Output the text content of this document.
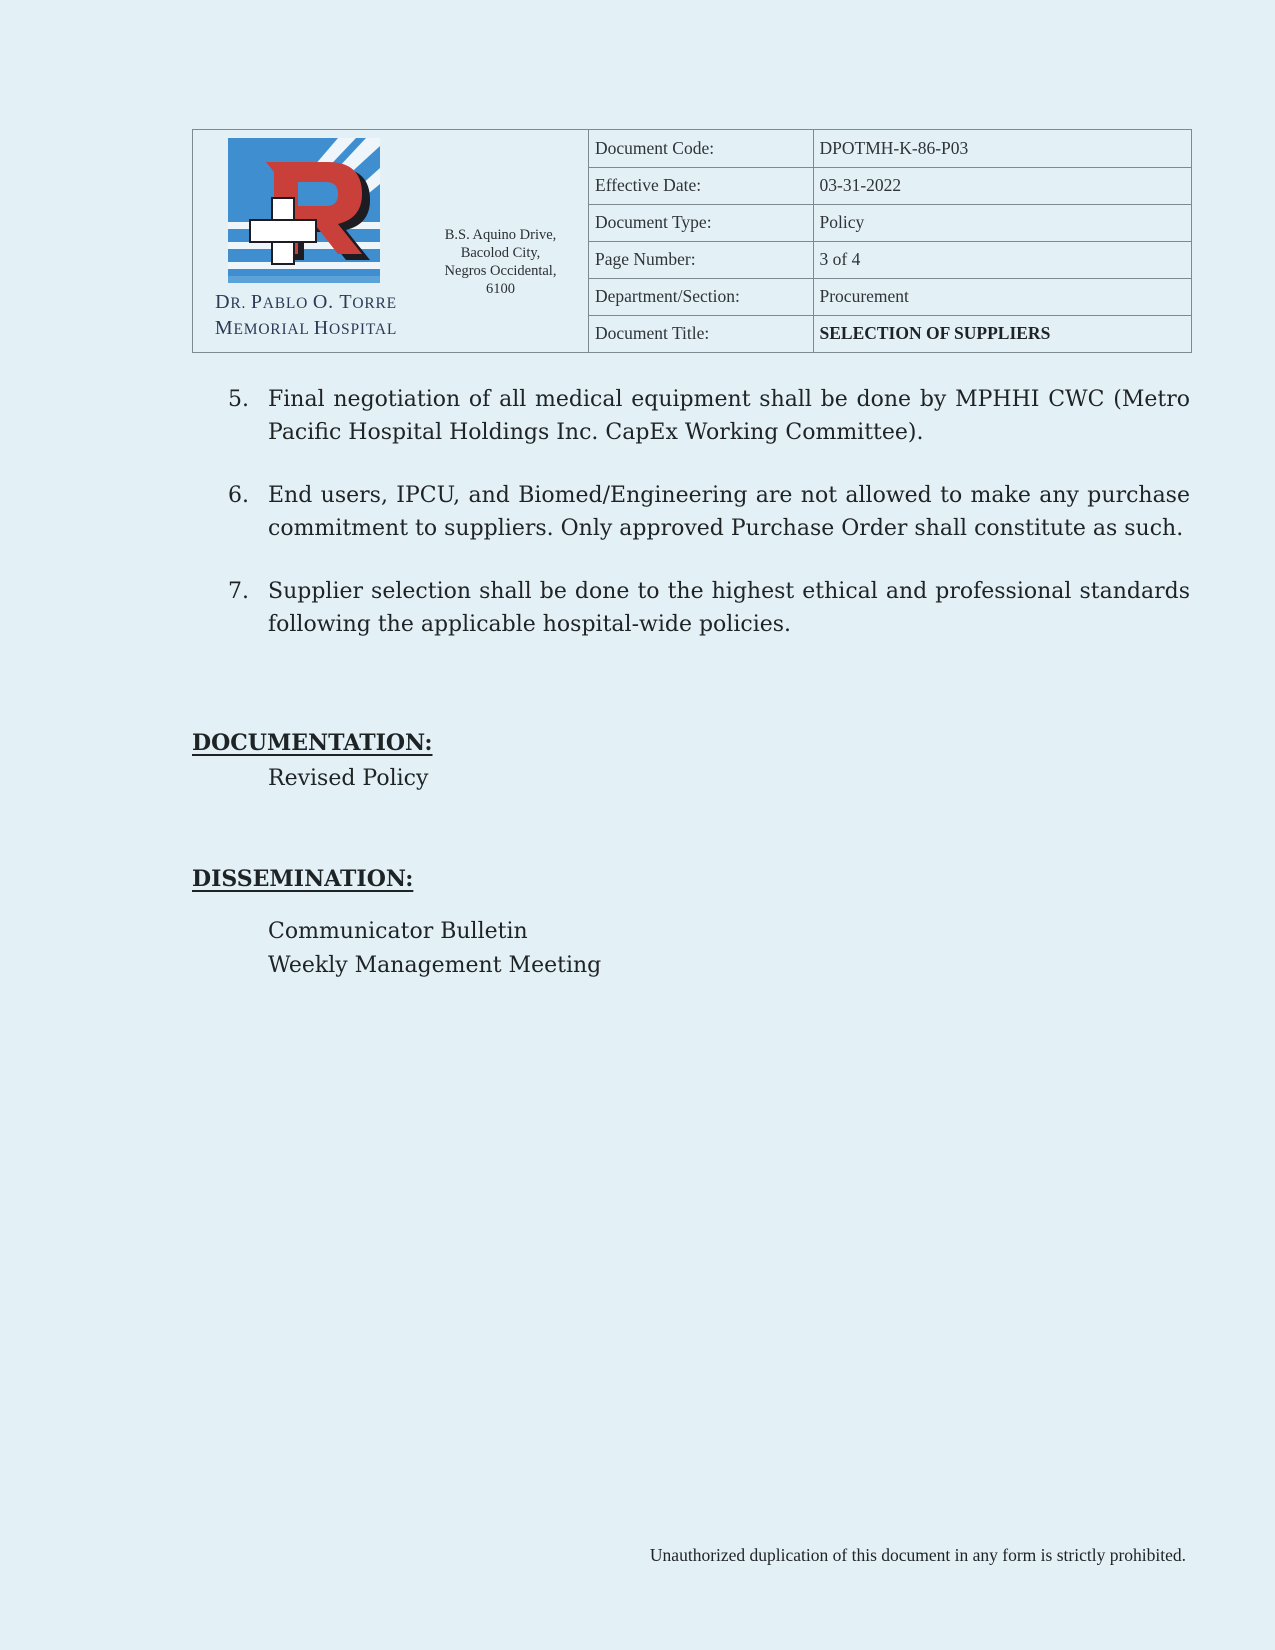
DR. PABLO O. TORRE
MEMORIAL HOSPITAL
B.S. Aquino Drive,
Bacolod City,
Negros Occidental,
6100
Document Code:	DPOTMH-K-86-P03
Effective Date:	03-31-2022
Document Type:	Policy
Page Number:	3 of 4
Department/Section:	Procurement
Document Title:	SELECTION OF SUPPLIERS
5. Final negotiation of all medical equipment shall be done by MPHHI CWC (Metro Pacific Hospital Holdings Inc. CapEx Working Committee).
6. End users, IPCU, and Biomed/Engineering are not allowed to make any purchase commitment to suppliers. Only approved Purchase Order shall constitute as such.
7. Supplier selection shall be done to the highest ethical and professional standards following the applicable hospital-wide policies.
DOCUMENTATION:
Revised Policy
DISSEMINATION:
Communicator Bulletin
Weekly Management Meeting
Unauthorized duplication of this document in any form is strictly prohibited.
